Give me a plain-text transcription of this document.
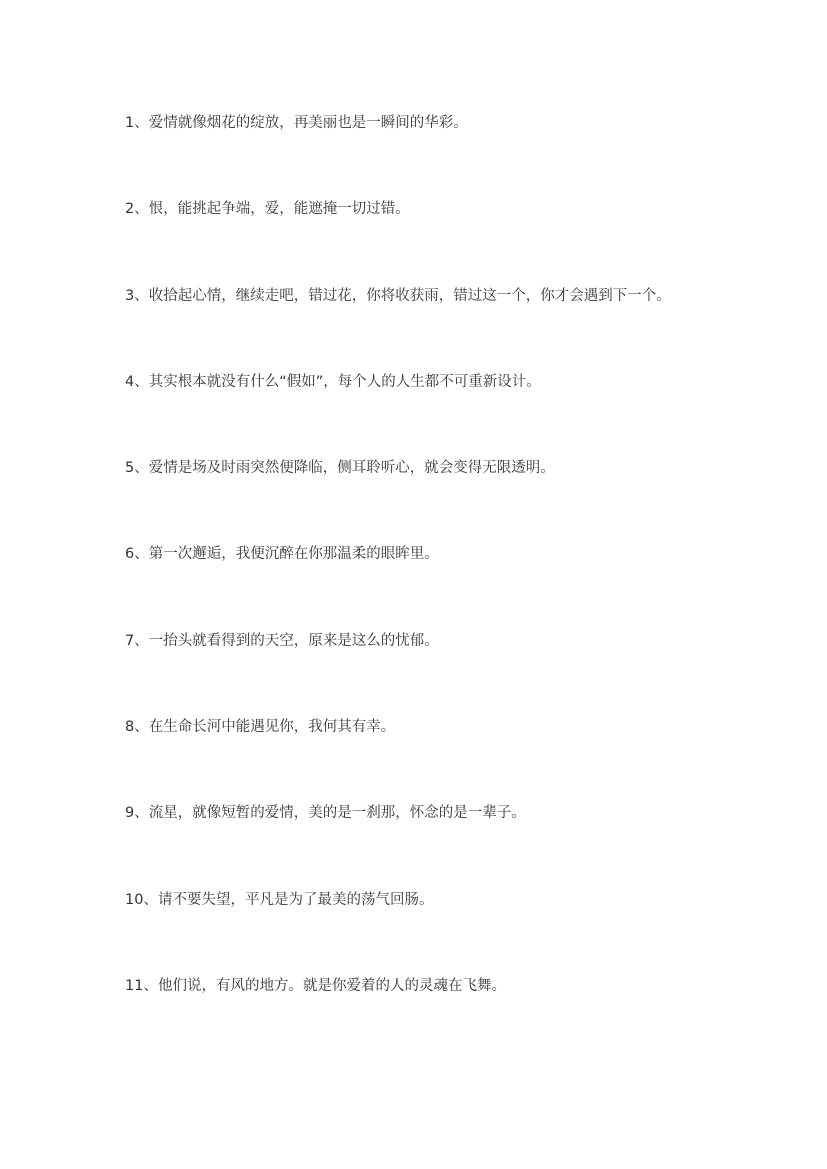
1、爱情就像烟花的绽放，再美丽也是一瞬间的华彩。
2、恨，能挑起争端，爱，能遮掩一切过错。
3、收拾起心情，继续走吧，错过花，你将收获雨，错过这一个，你才会遇到下一个。
4、其实根本就没有什么“假如”，每个人的人生都不可重新设计。
5、爱情是场及时雨突然便降临，侧耳聆听心，就会变得无限透明。
6、第一次邂逅，我便沉醉在你那温柔的眼眸里。
7、一抬头就看得到的天空，原来是这么的忧郁。
8、在生命长河中能遇见你，我何其有幸。
9、流星，就像短暂的爱情，美的是一刹那，怀念的是一辈子。
10、请不要失望，平凡是为了最美的荡气回肠。
11、他们说，有风的地方。就是你爱着的人的灵魂在飞舞。
